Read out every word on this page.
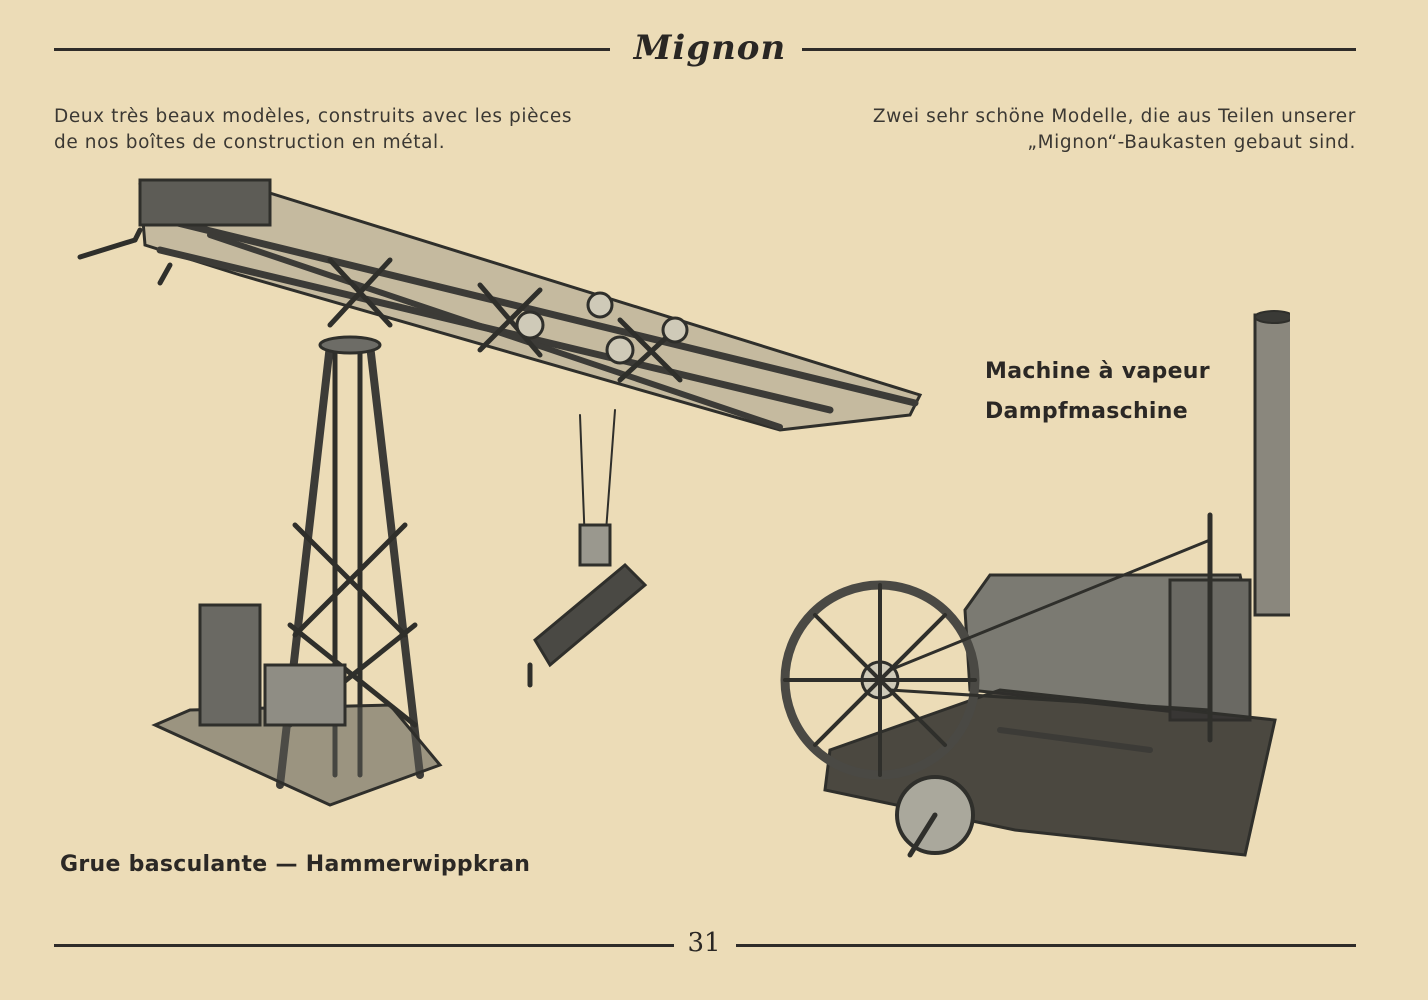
Mignon
Deux très beaux modèles, construits avec les pièces
de nos boîtes de construction en métal.
Zwei sehr schöne Modelle, die aus Teilen unserer
„Mignon“-Baukasten gebaut sind.
Machine à vapeur
Dampfmaschine
Grue basculante — Hammerwippkran
31
